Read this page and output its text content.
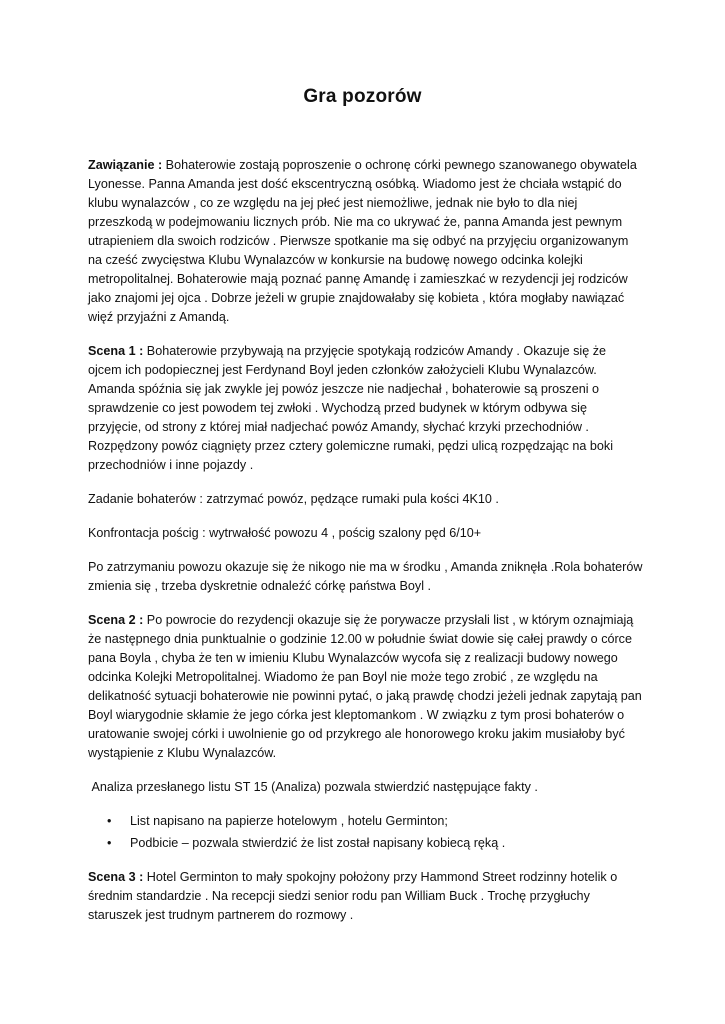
Gra pozorów

Zawiązanie : Bohaterowie zostają poproszenie o ochronę córki pewnego szanowanego obywatela Lyonesse. Panna Amanda jest dość ekscentryczną osóbką. Wiadomo jest że chciała wstąpić do klubu wynalazców , co ze względu na jej płeć jest niemożliwe, jednak nie było to dla niej przeszkodą w podejmowaniu licznych prób. Nie ma co ukrywać że, panna Amanda jest pewnym utrapieniem dla swoich rodziców . Pierwsze spotkanie ma się odbyć na przyjęciu organizowanym na cześć zwycięstwa Klubu Wynalazców w konkursie na budowę nowego odcinka kolejki metropolitalnej. Bohaterowie mają poznać pannę Amandę i zamieszkać w rezydencji jej rodziców jako znajomi jej ojca . Dobrze jeżeli w grupie znajdowałaby się kobieta , która mogłaby nawiązać więź przyjaźni z Amandą.

Scena 1 : Bohaterowie przybywają na przyjęcie spotykają rodziców Amandy . Okazuje się że ojcem ich podopiecznej jest Ferdynand Boyl jeden członków założycieli Klubu Wynalazców. Amanda spóźnia się jak zwykle jej powóz jeszcze nie nadjechał , bohaterowie są proszeni o sprawdzenie co jest powodem tej zwłoki . Wychodzą przed budynek w którym odbywa się przyjęcie, od strony z której miał nadjechać powóz Amandy, słychać krzyki przechodniów . Rozpędzony powóz ciągnięty przez cztery golemiczne rumaki, pędzi ulicą rozpędzając na boki przechodniów i inne pojazdy .

Zadanie bohaterów : zatrzymać powóz, pędzące rumaki pula kości 4K10 .

Konfrontacja pościg : wytrwałość powozu 4 , pościg szalony pęd 6/10+

Po zatrzymaniu powozu okazuje się że nikogo nie ma w środku , Amanda zniknęła .Rola bohaterów zmienia się , trzeba dyskretnie odnaleźć córkę państwa Boyl .

Scena 2 : Po powrocie do rezydencji okazuje się że porywacze przysłali list , w którym oznajmiają że następnego dnia punktualnie o godzinie 12.00 w południe świat dowie się całej prawdy o córce pana Boyla , chyba że ten w imieniu Klubu Wynalazców wycofa się z realizacji budowy nowego odcinka Kolejki Metropolitalnej. Wiadomo że pan Boyl nie może tego zrobić , ze względu na delikatność sytuacji bohaterowie nie powinni pytać, o jaką prawdę chodzi jeżeli jednak zapytają pan Boyl wiarygodnie skłamie że jego córka jest kleptomankom . W związku z tym prosi bohaterów o uratowanie swojej córki i uwolnienie go od przykrego ale honorowego kroku jakim musiałoby być wystąpienie z Klubu Wynalazców.

Analiza przesłanego listu ST 15 (Analiza) pozwala stwierdzić następujące fakty .

• List napisano na papierze hotelowym , hotelu Germinton;
• Podbicie – pozwala stwierdzić że list został napisany kobiecą ręką .

Scena 3 : Hotel Germinton to mały spokojny położony przy Hammond Street rodzinny hotelik o średnim standardzie . Na recepcji siedzi senior rodu pan William Buck . Trochę przygłuchy staruszek jest trudnym partnerem do rozmowy .
